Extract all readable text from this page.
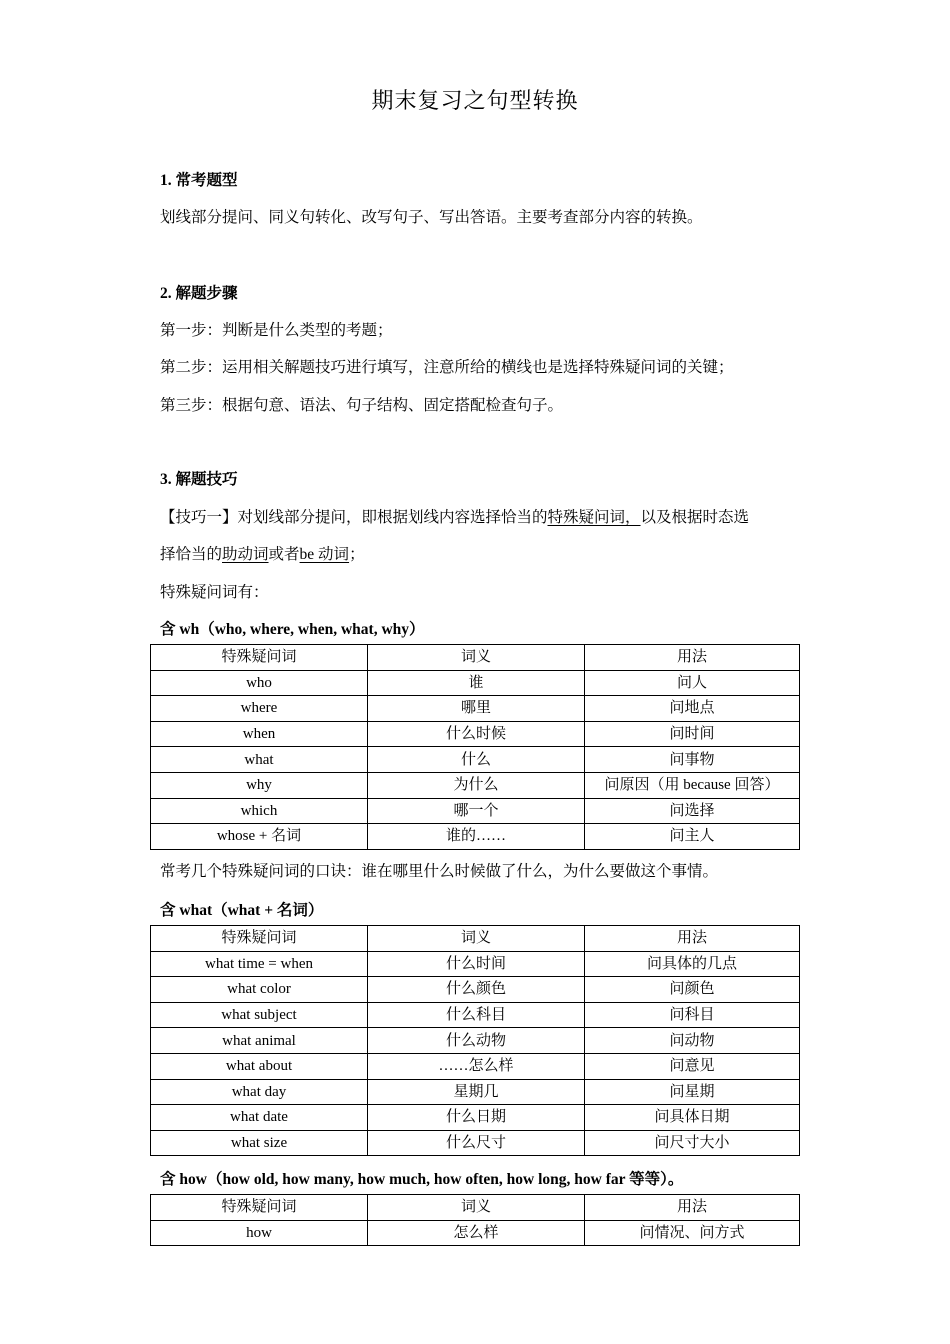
期末复习之句型转换
1. 常考题型
划线部分提问、同义句转化、改写句子、写出答语。主要考查部分内容的转换。
2. 解题步骤
第一步：判断是什么类型的考题；
第二步：运用相关解题技巧进行填写，注意所给的横线也是选择特殊疑问词的关键；
第三步：根据句意、语法、句子结构、固定搭配检查句子。
3. 解题技巧
【技巧一】对划线部分提问，即根据划线内容选择恰当的特殊疑问词，以及根据时态选
择恰当的助动词或者be 动词；
特殊疑问词有：
含 wh（who, where, when, what, why）
特殊疑问词	词义	用法
who	谁	问人
where	哪里	问地点
when	什么时候	问时间
what	什么	问事物
why	为什么	问原因（用 because 回答）
which	哪一个	问选择
whose + 名词	谁的……	问主人
常考几个特殊疑问词的口诀：谁在哪里什么时候做了什么，为什么要做这个事情。
含 what（what + 名词）
特殊疑问词	词义	用法
what time = when	什么时间	问具体的几点
what color	什么颜色	问颜色
what subject	什么科目	问科目
what animal	什么动物	问动物
what about	……怎么样	问意见
what day	星期几	问星期
what date	什么日期	问具体日期
what size	什么尺寸	问尺寸大小
含 how（how old, how many, how much, how often, how long, how far 等等）。
特殊疑问词	词义	用法
how	怎么样	问情况、问方式
